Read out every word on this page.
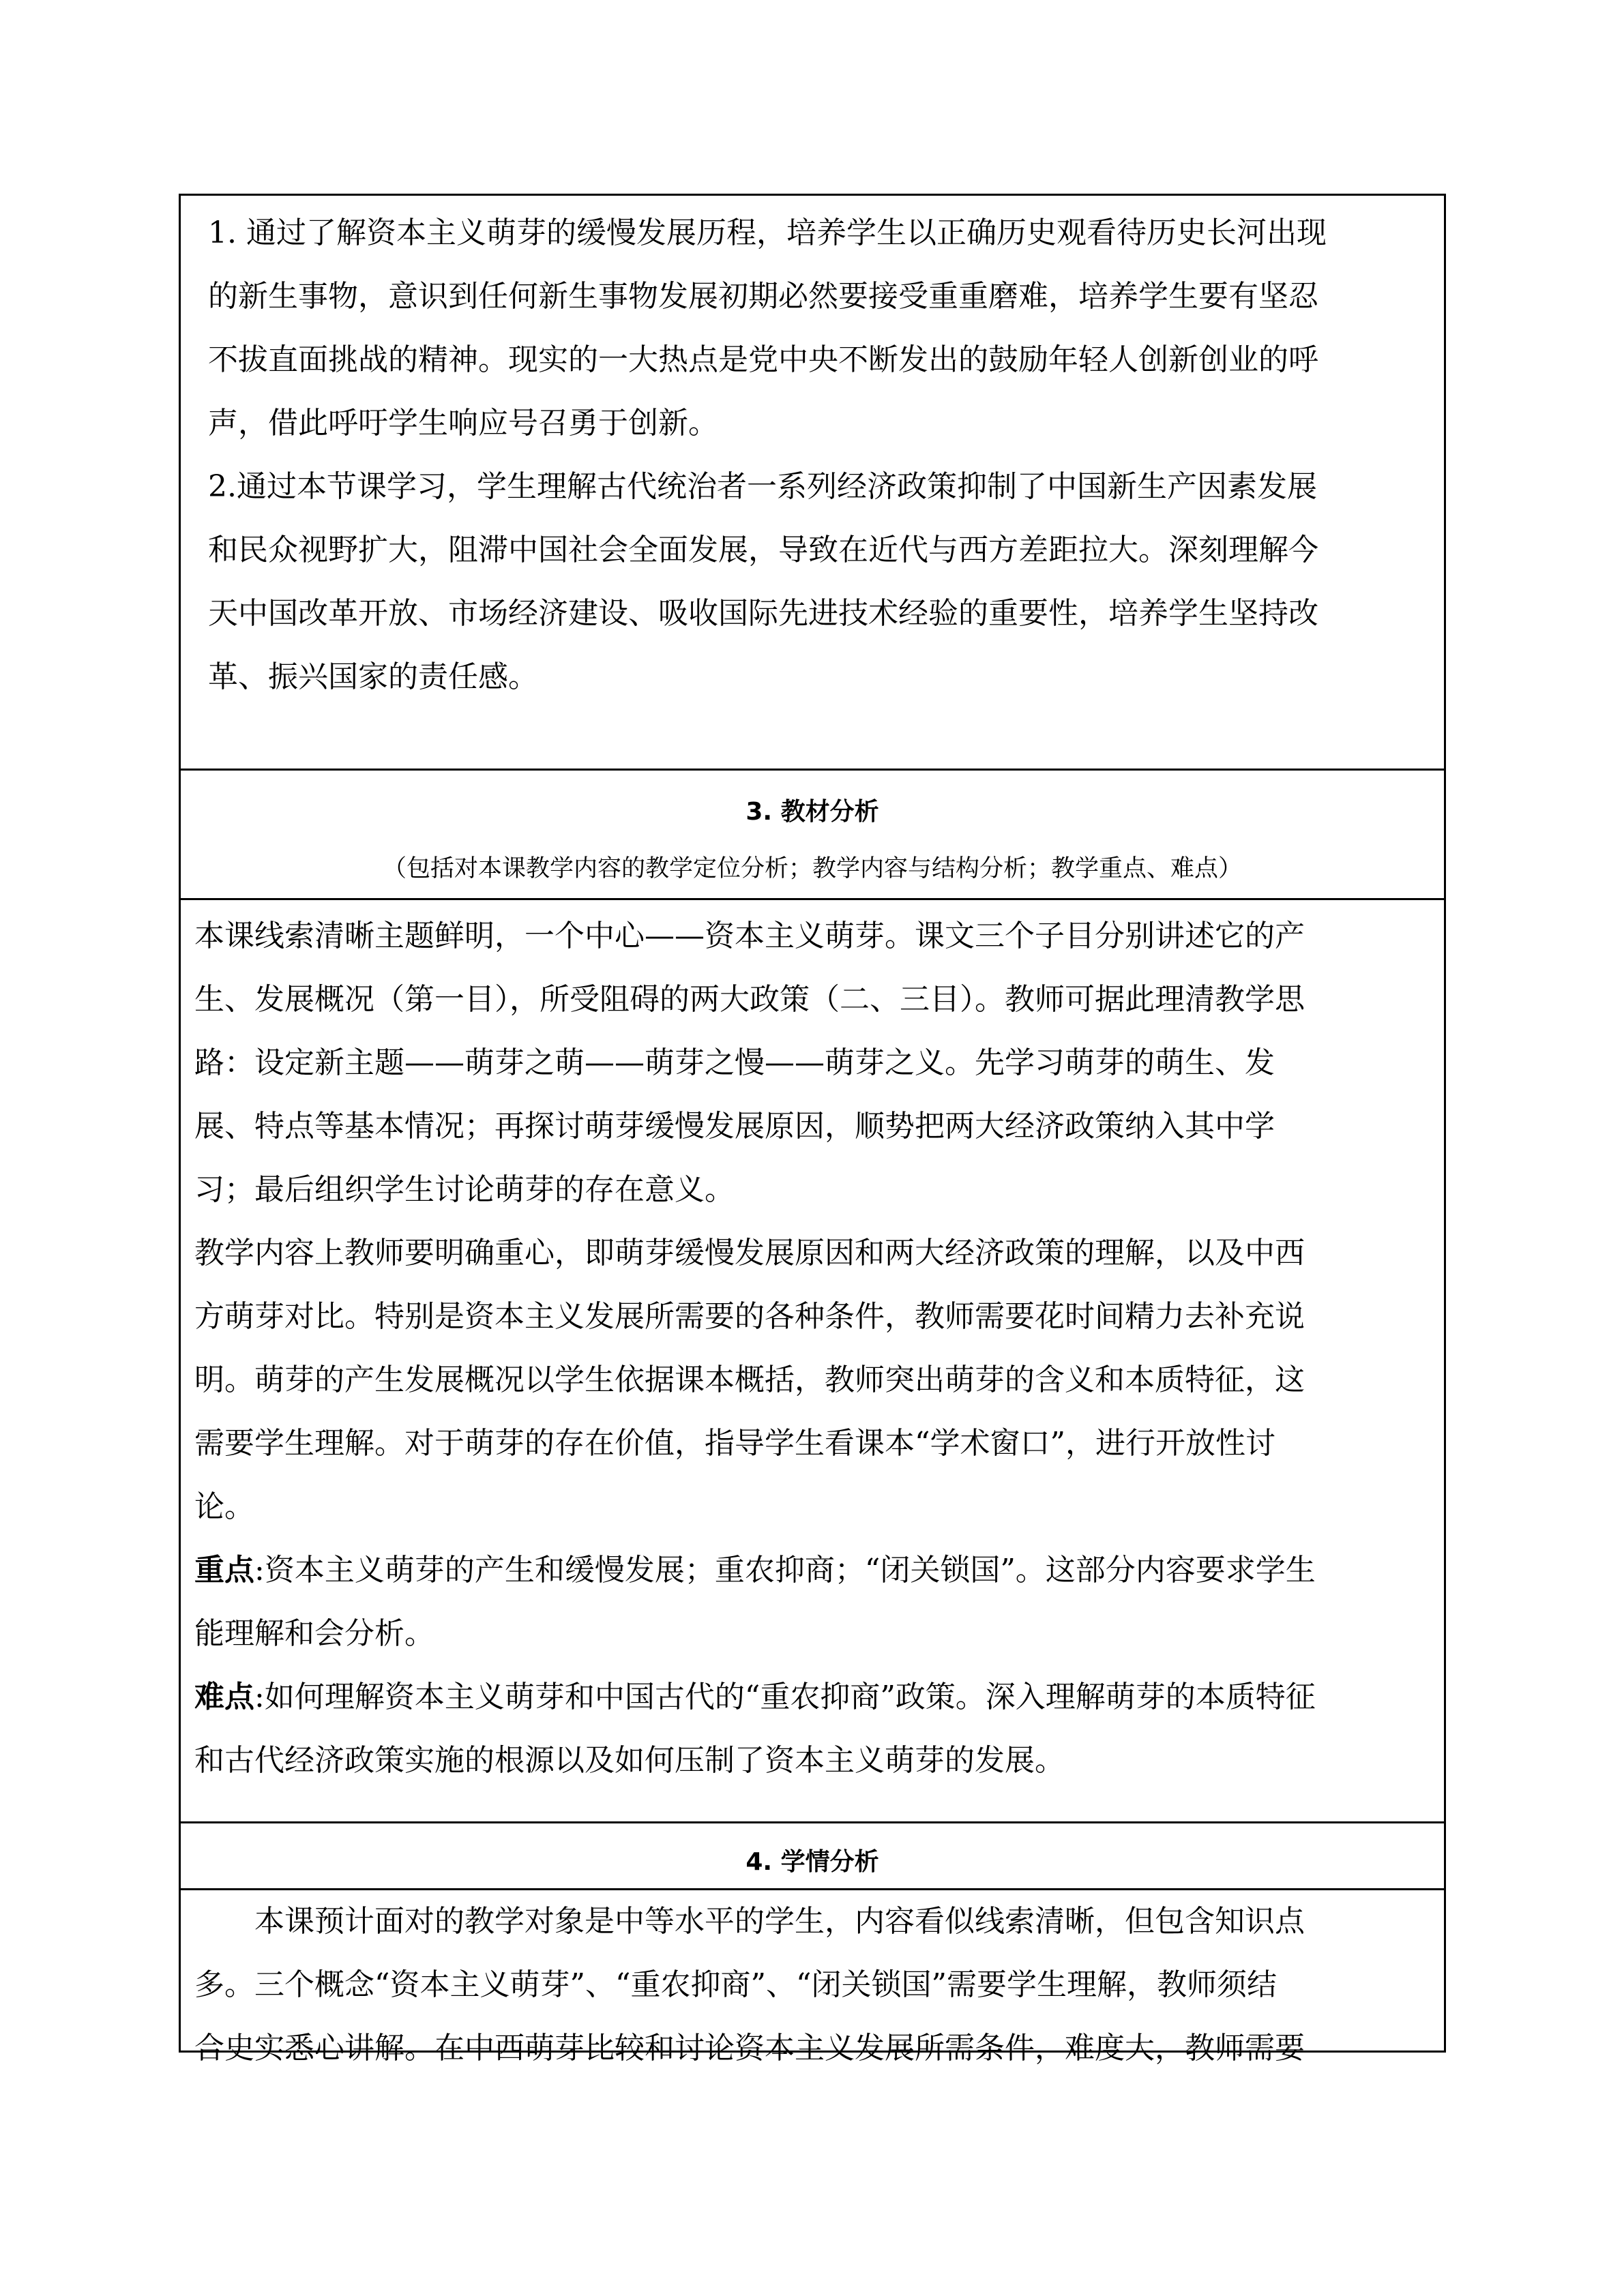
1. 通过了解资本主义萌芽的缓慢发展历程，培养学生以正确历史观看待历史长河出现
的新生事物，意识到任何新生事物发展初期必然要接受重重磨难，培养学生要有坚忍
不拔直面挑战的精神。现实的一大热点是党中央不断发出的鼓励年轻人创新创业的呼
声，借此呼吁学生响应号召勇于创新。
2.通过本节课学习，学生理解古代统治者一系列经济政策抑制了中国新生产因素发展
和民众视野扩大，阻滞中国社会全面发展，导致在近代与西方差距拉大。深刻理解今
天中国改革开放、市场经济建设、吸收国际先进技术经验的重要性，培养学生坚持改
革、振兴国家的责任感。
3. 教材分析
（包括对本课教学内容的教学定位分析；教学内容与结构分析；教学重点、难点）
本课线索清晰主题鲜明，一个中心——资本主义萌芽。课文三个子目分别讲述它的产
生、发展概况（第一目），所受阻碍的两大政策（二、三目）。教师可据此理清教学思
路：设定新主题——萌芽之萌——萌芽之慢——萌芽之义。先学习萌芽的萌生、发
展、特点等基本情况；再探讨萌芽缓慢发展原因，顺势把两大经济政策纳入其中学
习；最后组织学生讨论萌芽的存在意义。
教学内容上教师要明确重心，即萌芽缓慢发展原因和两大经济政策的理解，以及中西
方萌芽对比。特别是资本主义发展所需要的各种条件，教师需要花时间精力去补充说
明。萌芽的产生发展概况以学生依据课本概括，教师突出萌芽的含义和本质特征，这
需要学生理解。对于萌芽的存在价值，指导学生看课本“学术窗口”，进行开放性讨
论。
重点:资本主义萌芽的产生和缓慢发展；重农抑商；“闭关锁国”。这部分内容要求学生
能理解和会分析。
难点:如何理解资本主义萌芽和中国古代的“重农抑商”政策。深入理解萌芽的本质特征
和古代经济政策实施的根源以及如何压制了资本主义萌芽的发展。
4. 学情分析
本课预计面对的教学对象是中等水平的学生，内容看似线索清晰，但包含知识点
多。三个概念“资本主义萌芽”、“重农抑商”、“闭关锁国”需要学生理解，教师须结
合史实悉心讲解。在中西萌芽比较和讨论资本主义发展所需条件，难度大，教师需要
